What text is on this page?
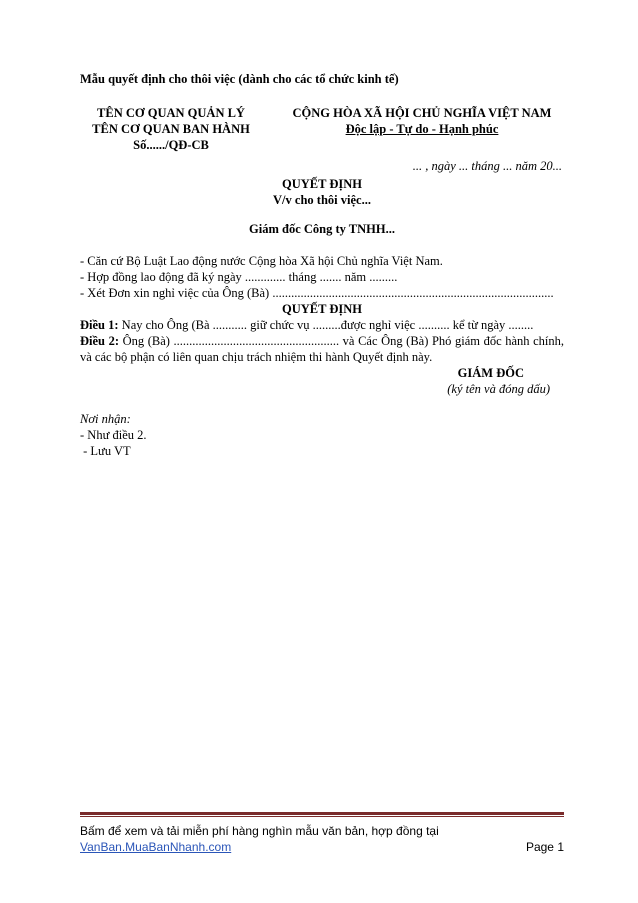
Mẫu quyết định cho thôi việc (dành cho các tổ chức kinh tế)
TÊN CƠ QUAN QUẢN LÝ
TÊN CƠ QUAN BAN HÀNH
Số....../QĐ-CB
CỘNG HÒA XÃ HỘI CHỦ NGHĨA VIỆT NAM
Độc lập - Tự do - Hạnh phúc
... , ngày ... tháng ... năm 20...
QUYẾT ĐỊNH
V/v cho thôi việc...
Giám đốc Công ty TNHH...
- Căn cứ Bộ Luật Lao động nước Cộng hòa Xã hội Chủ nghĩa Việt Nam.
- Hợp đồng lao động đã ký ngày ............. tháng ....... năm .........
- Xét Đơn xin nghỉ việc của Ông (Bà) ..........................................................................................
QUYẾT ĐỊNH
Điều 1: Nay cho Ông (Bà ........... giữ chức vụ .........được nghỉ việc .......... kể từ ngày ........
Điều 2: Ông (Bà) ..................................................... và Các Ông (Bà) Phó giám đốc hành chính, và các bộ phận có liên quan chịu trách nhiệm thi hành Quyết định này.
GIÁM ĐỐC
(ký tên và đóng dấu)
Nơi nhận:
- Như điều 2.
- Lưu VT
Bấm để xem và tải miễn phí hàng nghìn mẫu văn bản, hợp đồng tại
VanBan.MuaBanNhanh.com	Page 1
